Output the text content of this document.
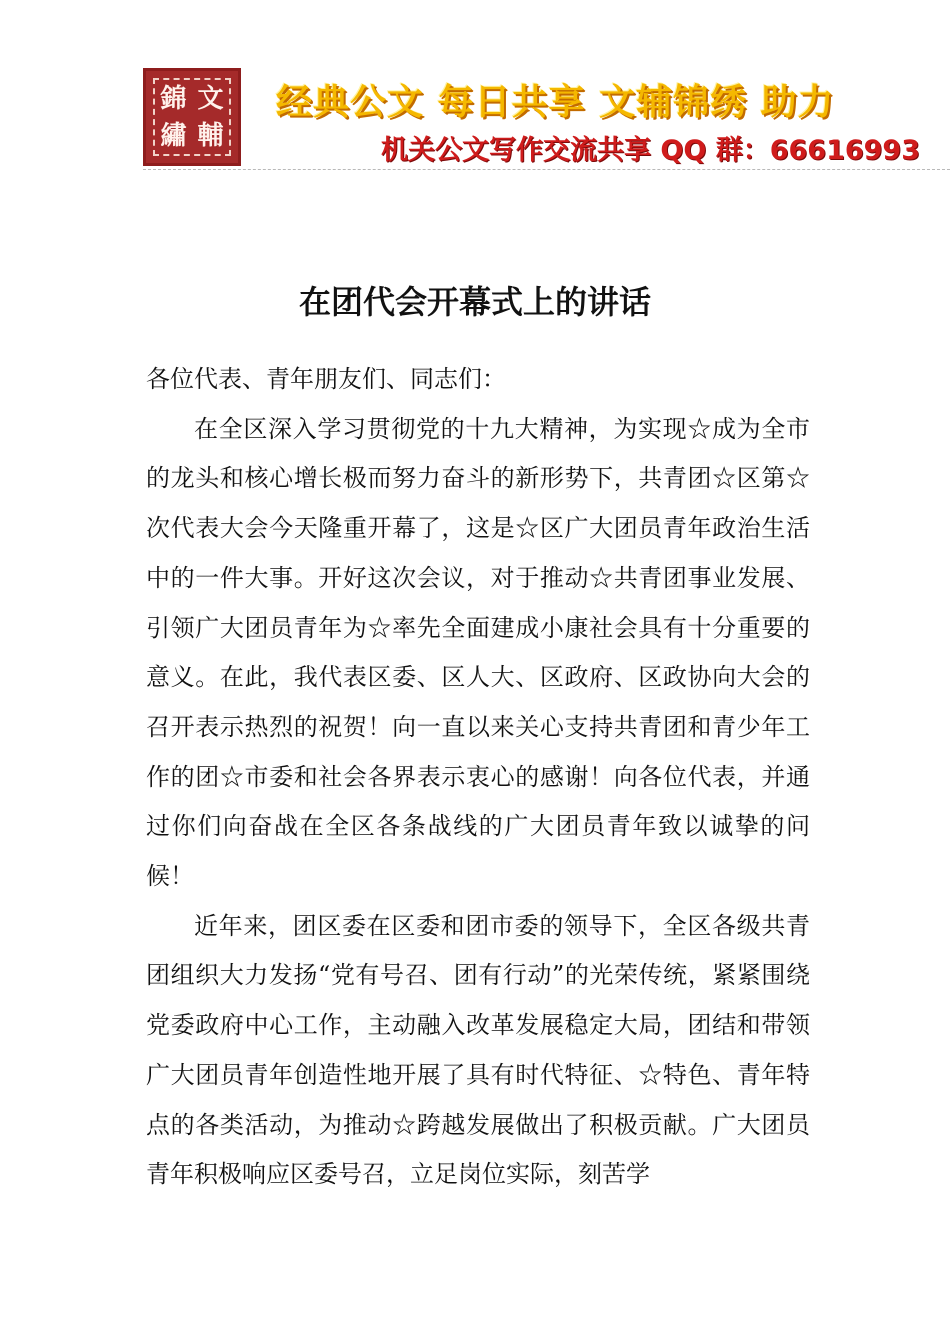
錦 文
繡 輔
经典公文 每日共享 文辅锦绣 助力
机关公文写作交流共享 QQ 群：66616993
在团代会开幕式上的讲话

各位代表、青年朋友们、同志们：

在全区深入学习贯彻党的十九大精神，为实现☆成为全市的龙头和核心增长极而努力奋斗的新形势下，共青团☆区第☆次代表大会今天隆重开幕了，这是☆区广大团员青年政治生活中的一件大事。开好这次会议，对于推动☆共青团事业发展、引领广大团员青年为☆率先全面建成小康社会具有十分重要的意义。在此，我代表区委、区人大、区政府、区政协向大会的召开表示热烈的祝贺！向一直以来关心支持共青团和青少年工作的团☆市委和社会各界表示衷心的感谢！向各位代表，并通过你们向奋战在全区各条战线的广大团员青年致以诚挚的问候！

近年来，团区委在区委和团市委的领导下，全区各级共青团组织大力发扬“党有号召、团有行动”的光荣传统，紧紧围绕党委政府中心工作，主动融入改革发展稳定大局，团结和带领广大团员青年创造性地开展了具有时代特征、☆特色、青年特点的各类活动，为推动☆跨越发展做出了积极贡献。广大团员青年积极响应区委号召，立足岗位实际，刻苦学
